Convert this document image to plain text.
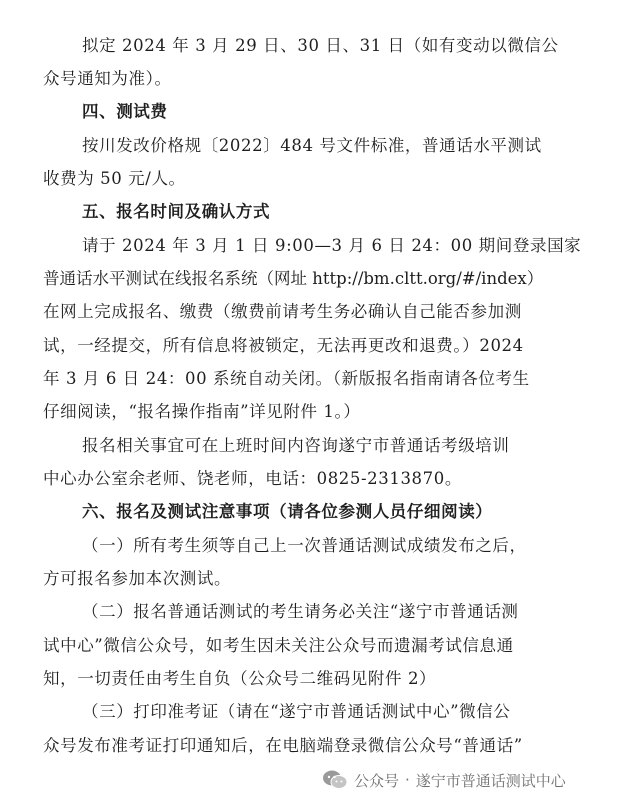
拟定 2024 年 3 月 29 日、30 日、31 日（如有变动以微信公
众号通知为准）。
四、测试费
按川发改价格规〔2022〕484 号文件标准，普通话水平测试
收费为 50 元/人。
五、报名时间及确认方式
请于 2024 年 3 月 1 日 9:00—3 月 6 日 24：00 期间登录国家
普通话水平测试在线报名系统（网址 http://bm.cltt.org/#/index）
在网上完成报名、缴费（缴费前请考生务必确认自己能否参加测
试，一经提交，所有信息将被锁定，无法再更改和退费。）2024
年 3 月 6 日 24：00 系统自动关闭。（新版报名指南请各位考生
仔细阅读，“报名操作指南”详见附件 1。）
报名相关事宜可在上班时间内咨询遂宁市普通话考级培训
中心办公室余老师、饶老师，电话：0825-2313870。
六、报名及测试注意事项（请各位参测人员仔细阅读）
（一）所有考生须等自己上一次普通话测试成绩发布之后，
方可报名参加本次测试。
（二）报名普通话测试的考生请务必关注“遂宁市普通话测
试中心”微信公众号，如考生因未关注公众号而遗漏考试信息通
知，一切责任由考生自负（公众号二维码见附件 2）
（三）打印准考证（请在“遂宁市普通话测试中心”微信公
众号发布准考证打印通知后，在电脑端登录微信公众号“普通话”
公众号 · 遂宁市普通话测试中心
